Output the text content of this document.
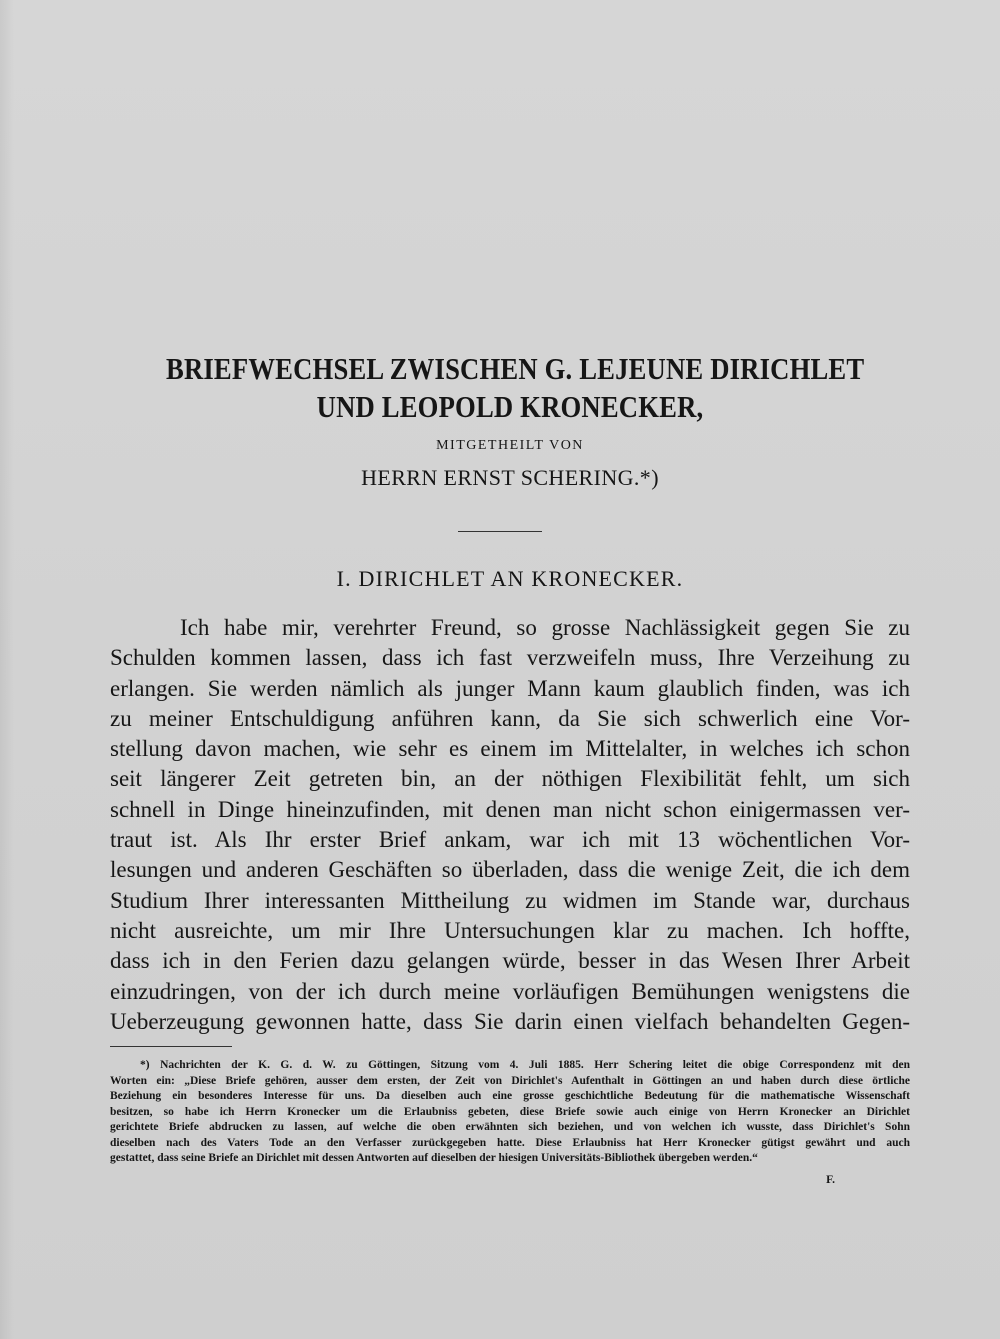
BRIEFWECHSEL ZWISCHEN G. LEJEUNE DIRICHLET

UND LEOPOLD KRONECKER,

MITGETHEILT VON
HERRN ERNST SCHERING.*)
I. DIRICHLET AN KRONECKER.
Ich habe mir, verehrter Freund, so grosse Nachlässigkeit gegen Sie zu
Schulden kommen lassen, dass ich fast verzweifeln muss, Ihre Verzeihung zu
erlangen. Sie werden nämlich als junger Mann kaum glaublich finden, was ich
zu meiner Entschuldigung anführen kann, da Sie sich schwerlich eine Vor-
stellung davon machen, wie sehr es einem im Mittelalter, in welches ich schon
seit längerer Zeit getreten bin, an der nöthigen Flexibilität fehlt, um sich
schnell in Dinge hineinzufinden, mit denen man nicht schon einigermassen ver-
traut ist. Als Ihr erster Brief ankam, war ich mit 13 wöchentlichen Vor-
lesungen und anderen Geschäften so überladen, dass die wenige Zeit, die ich dem
Studium Ihrer interessanten Mittheilung zu widmen im Stande war, durchaus
nicht ausreichte, um mir Ihre Untersuchungen klar zu machen. Ich hoffte,
dass ich in den Ferien dazu gelangen würde, besser in das Wesen Ihrer Arbeit
einzudringen, von der ich durch meine vorläufigen Bemühungen wenigstens die
Ueberzeugung gewonnen hatte, dass Sie darin einen vielfach behandelten Gegen-
*) Nachrichten der K. G. d. W. zu Göttingen, Sitzung vom 4. Juli 1885. Herr Schering leitet die obige Correspondenz mit den
Worten ein: „Diese Briefe gehören, ausser dem ersten, der Zeit von Dirichlet's Aufenthalt in Göttingen an und haben durch diese örtliche
Beziehung ein besonderes Interesse für uns. Da dieselben auch eine grosse geschichtliche Bedeutung für die mathematische Wissenschaft
besitzen, so habe ich Herrn Kronecker um die Erlaubniss gebeten, diese Briefe sowie auch einige von Herrn Kronecker an Dirichlet
gerichtete Briefe abdrucken zu lassen, auf welche die oben erwähnten sich beziehen, und von welchen ich wusste, dass Dirichlet's Sohn
dieselben nach des Vaters Tode an den Verfasser zurückgegeben hatte. Diese Erlaubniss hat Herr Kronecker gütigst gewährt und auch
gestattet, dass seine Briefe an Dirichlet mit dessen Antworten auf dieselben der hiesigen Universitäts-Bibliothek übergeben werden.“
F.
